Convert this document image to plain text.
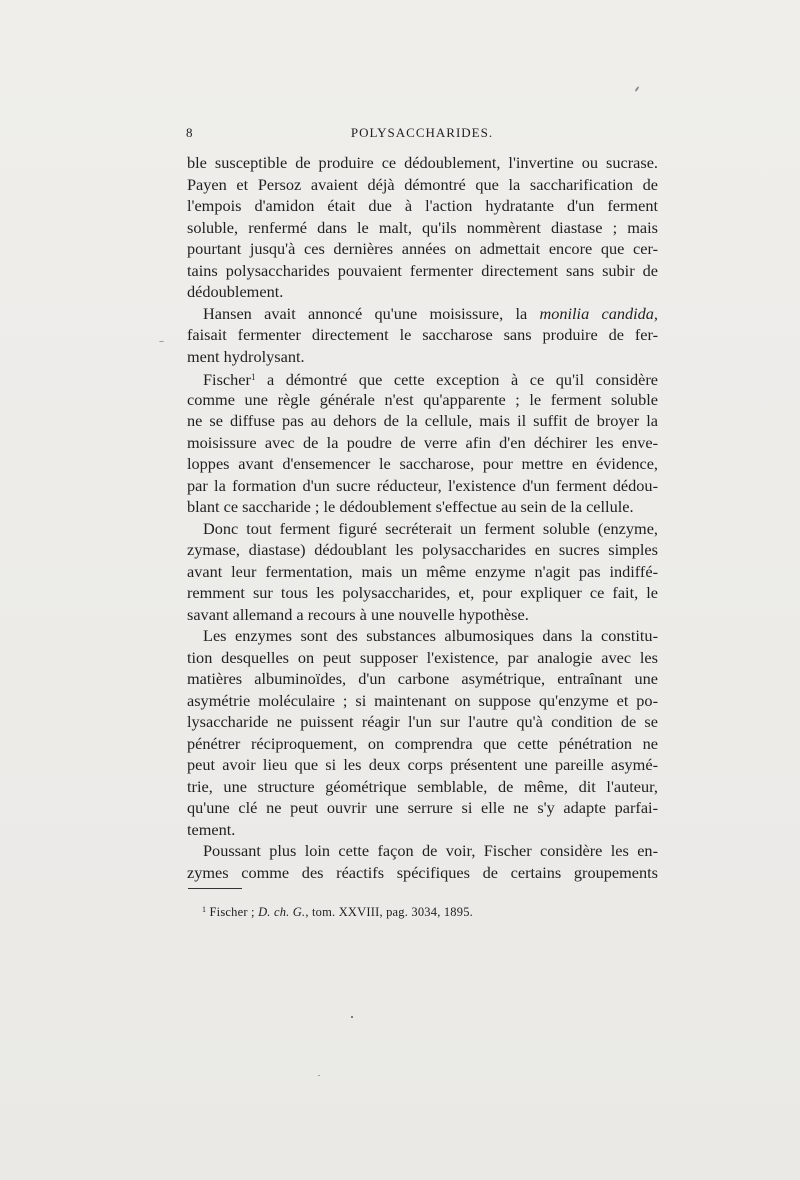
8	POLYSACCHARIDES.
ble susceptible de produire ce dédoublement, l'invertine ou sucrase.
Payen et Persoz avaient déjà démontré que la saccharification de
l'empois d'amidon était due à l'action hydratante d'un ferment
soluble, renfermé dans le malt, qu'ils nommèrent diastase ; mais
pourtant jusqu'à ces dernières années on admettait encore que cer-
tains polysaccharides pouvaient fermenter directement sans subir de
dédoublement.
Hansen avait annoncé qu'une moisissure, la monilia candida,
faisait fermenter directement le saccharose sans produire de fer-
ment hydrolysant.
Fischer$^1$ a démontré que cette exception à ce qu'il considère
comme une règle générale n'est qu'apparente ; le ferment soluble
ne se diffuse pas au dehors de la cellule, mais il suffit de broyer la
moisissure avec de la poudre de verre afin d'en déchirer les enve-
loppes avant d'ensemencer le saccharose, pour mettre en évidence,
par la formation d'un sucre réducteur, l'existence d'un ferment dédou-
blant ce saccharide ; le dédoublement s'effectue au sein de la cellule.
Donc tout ferment figuré secréterait un ferment soluble (enzyme,
zymase, diastase) dédoublant les polysaccharides en sucres simples
avant leur fermentation, mais un même enzyme n'agit pas indiffé-
remment sur tous les polysaccharides, et, pour expliquer ce fait, le
savant allemand a recours à une nouvelle hypothèse.
Les enzymes sont des substances albumosiques dans la constitu-
tion desquelles on peut supposer l'existence, par analogie avec les
matières albuminoïdes, d'un carbone asymétrique, entraînant une
asymétrie moléculaire ; si maintenant on suppose qu'enzyme et po-
lysaccharide ne puissent réagir l'un sur l'autre qu'à condition de se
pénétrer réciproquement, on comprendra que cette pénétration ne
peut avoir lieu que si les deux corps présentent une pareille asymé-
trie, une structure géométrique semblable, de même, dit l'auteur,
qu'une clé ne peut ouvrir une serrure si elle ne s'y adapte parfai-
tement.
Poussant plus loin cette façon de voir, Fischer considère les en-
zymes comme des réactifs spécifiques de certains groupements
$^1$ Fischer ; D. ch. G., tom. XXVIII, pag. 3034, 1895.
